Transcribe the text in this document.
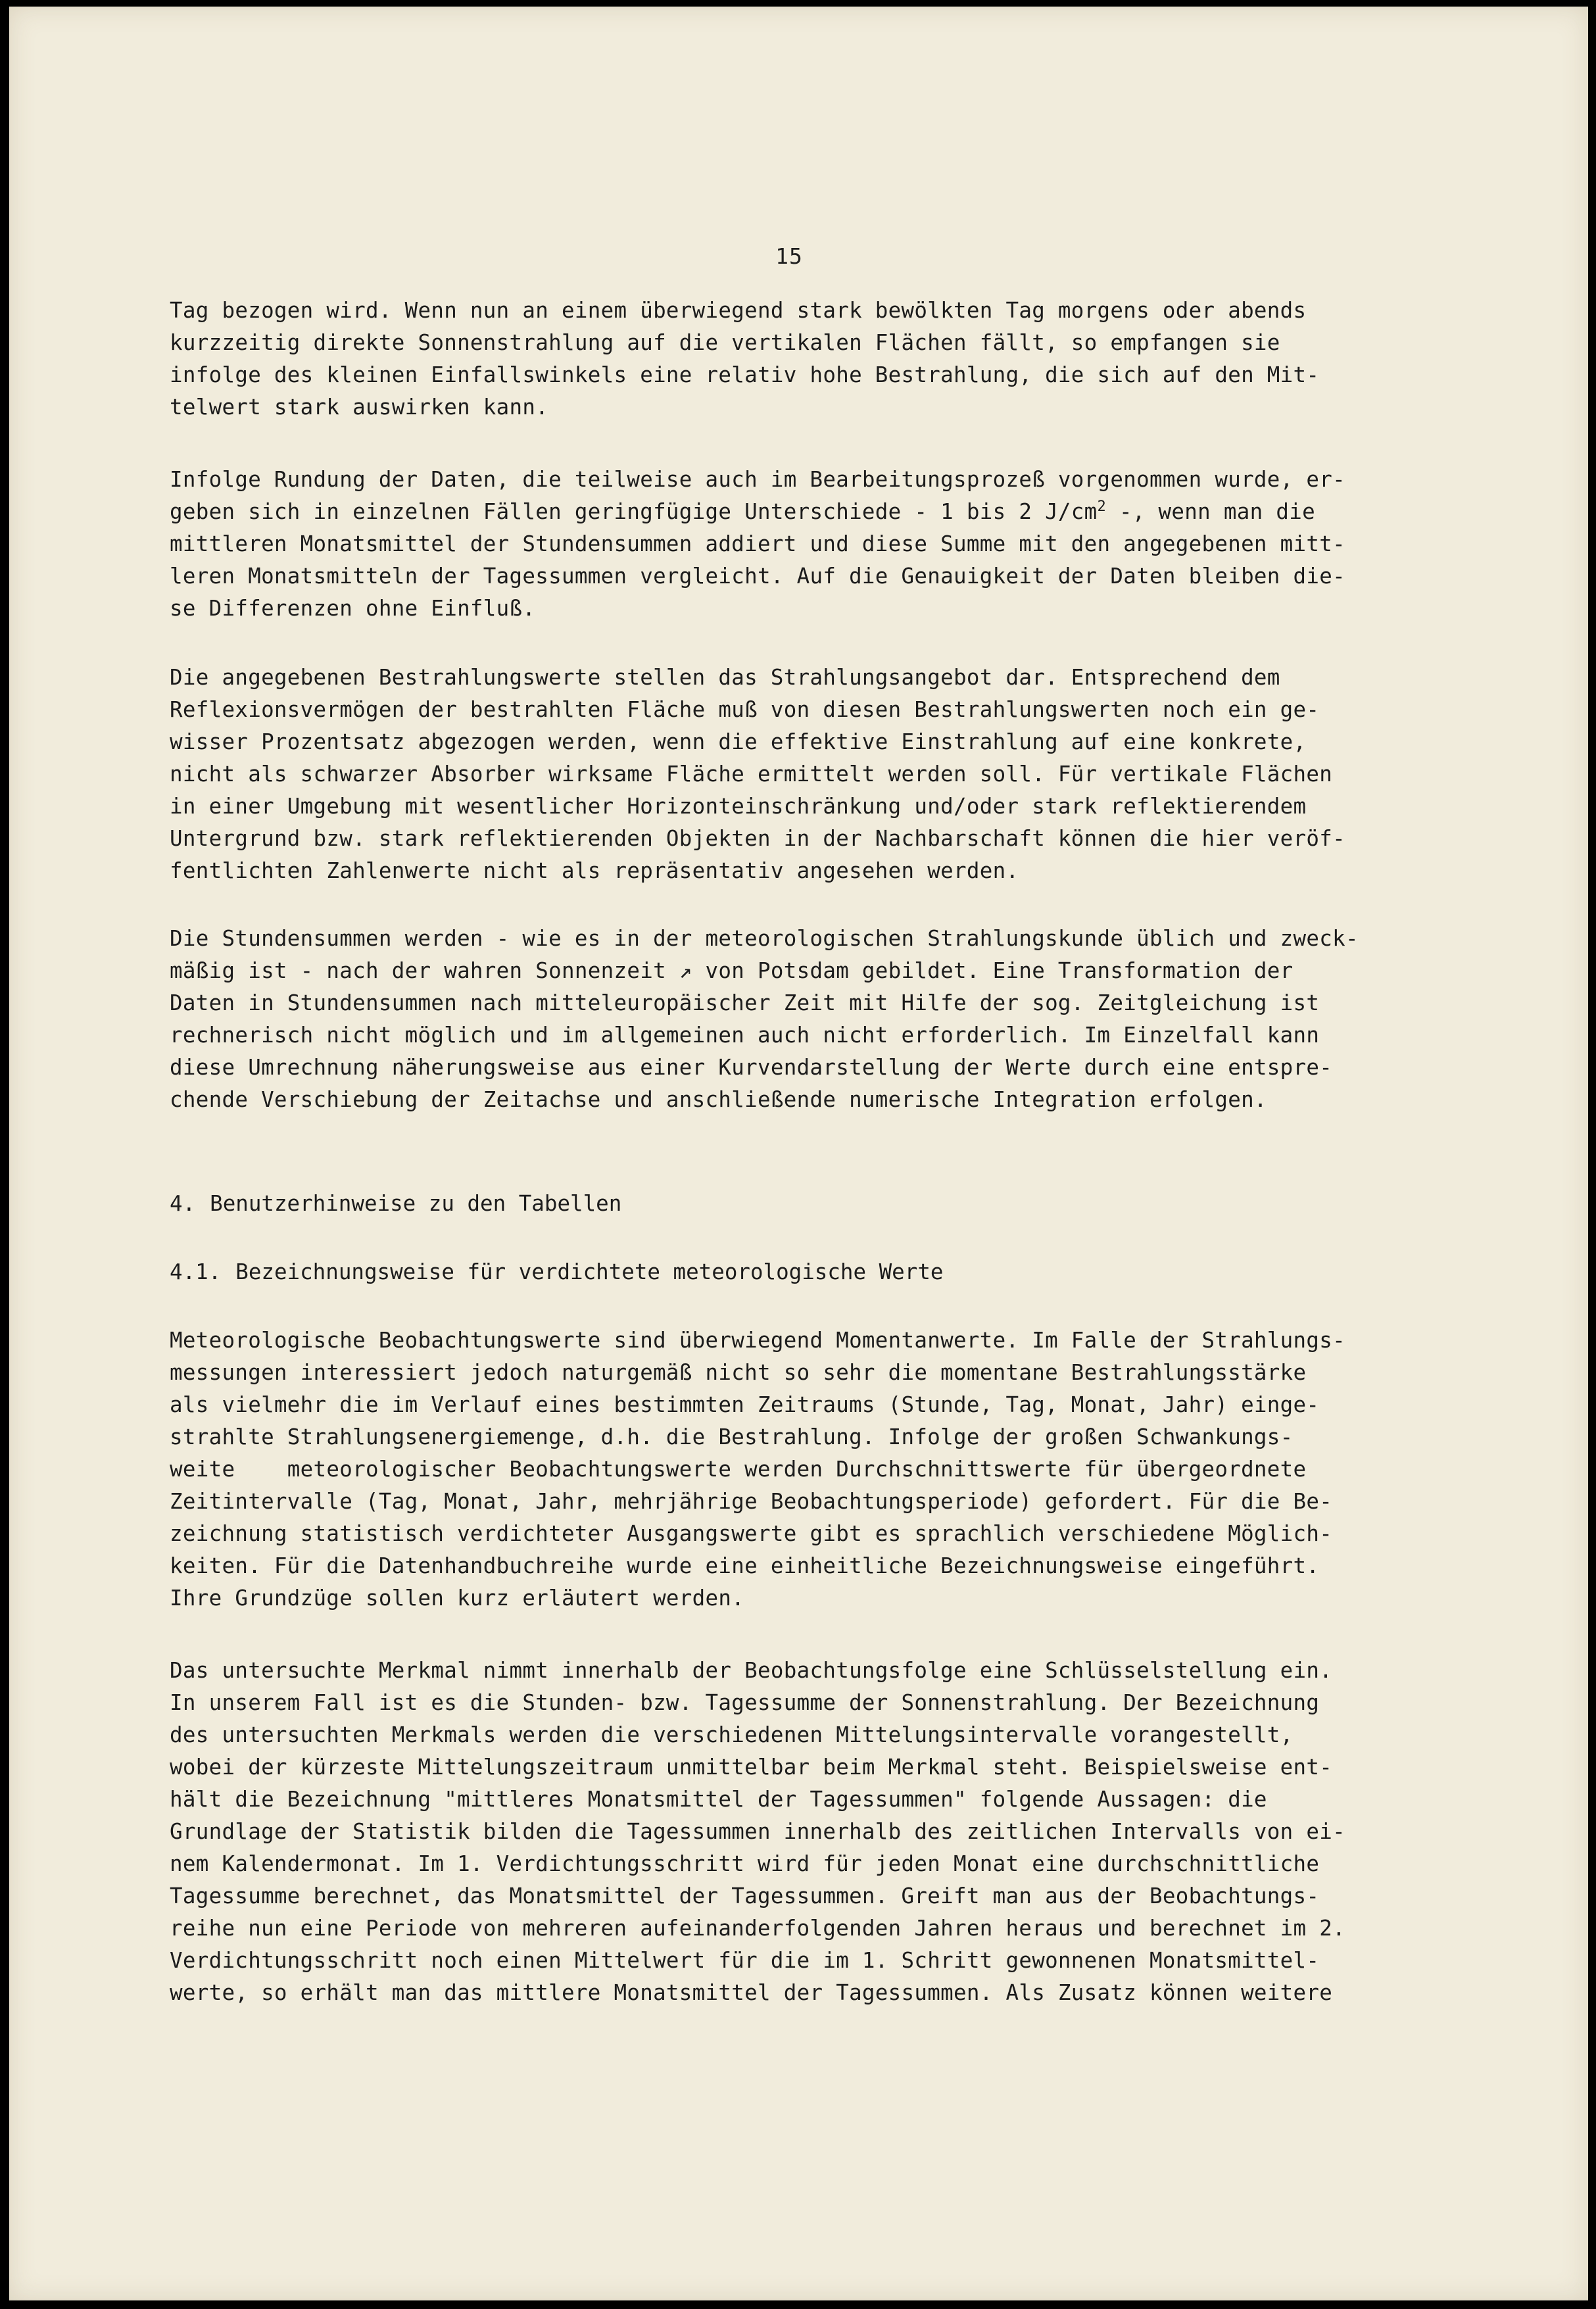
15
Tag bezogen wird. Wenn nun an einem überwiegend stark bewölkten Tag morgens oder abends
kurzzeitig direkte Sonnenstrahlung auf die vertikalen Flächen fällt, so empfangen sie
infolge des kleinen Einfallswinkels eine relativ hohe Bestrahlung, die sich auf den Mit-
telwert stark auswirken kann.
Infolge Rundung der Daten, die teilweise auch im Bearbeitungsprozeß vorgenommen wurde, er-
geben sich in einzelnen Fällen geringfügige Unterschiede - 1 bis 2 $J/cm^2$ -, wenn man die
mittleren Monatsmittel der Stundensummen addiert und diese Summe mit den angegebenen mitt-
leren Monatsmitteln der Tagessummen vergleicht. Auf die Genauigkeit der Daten bleiben die-
se Differenzen ohne Einfluß.
Die angegebenen Bestrahlungswerte stellen das Strahlungsangebot dar. Entsprechend dem
Reflexionsvermögen der bestrahlten Fläche muß von diesen Bestrahlungswerten noch ein ge-
wisser Prozentsatz abgezogen werden, wenn die effektive Einstrahlung auf eine konkrete,
nicht als schwarzer Absorber wirksame Fläche ermittelt werden soll. Für vertikale Flächen
in einer Umgebung mit wesentlicher Horizonteinschränkung und/oder stark reflektierendem
Untergrund bzw. stark reflektierenden Objekten in der Nachbarschaft können die hier veröf-
fentlichten Zahlenwerte nicht als repräsentativ angesehen werden.
Die Stundensummen werden - wie es in der meteorologischen Strahlungskunde üblich und zweck-
mäßig ist - nach der wahren Sonnenzeit ↗ von Potsdam gebildet. Eine Transformation der
Daten in Stundensummen nach mitteleuropäischer Zeit mit Hilfe der sog. Zeitgleichung ist
rechnerisch nicht möglich und im allgemeinen auch nicht erforderlich. Im Einzelfall kann
diese Umrechnung näherungsweise aus einer Kurvendarstellung der Werte durch eine entspre-
chende Verschiebung der Zeitachse und anschließende numerische Integration erfolgen.
4. Benutzerhinweise zu den Tabellen
4.1. Bezeichnungsweise für verdichtete meteorologische Werte
Meteorologische Beobachtungswerte sind überwiegend Momentanwerte. Im Falle der Strahlungs-
messungen interessiert jedoch naturgemäß nicht so sehr die momentane Bestrahlungsstärke
als vielmehr die im Verlauf eines bestimmten Zeitraums (Stunde, Tag, Monat, Jahr) einge-
strahlte Strahlungsenergiemenge, d.h. die Bestrahlung. Infolge der großen Schwankungs-
weite    meteorologischer Beobachtungswerte werden Durchschnittswerte für übergeordnete
Zeitintervalle (Tag, Monat, Jahr, mehrjährige Beobachtungsperiode) gefordert. Für die Be-
zeichnung statistisch verdichteter Ausgangswerte gibt es sprachlich verschiedene Möglich-
keiten. Für die Datenhandbuchreihe wurde eine einheitliche Bezeichnungsweise eingeführt.
Ihre Grundzüge sollen kurz erläutert werden.
Das untersuchte Merkmal nimmt innerhalb der Beobachtungsfolge eine Schlüsselstellung ein.
In unserem Fall ist es die Stunden- bzw. Tagessumme der Sonnenstrahlung. Der Bezeichnung
des untersuchten Merkmals werden die verschiedenen Mittelungsintervalle vorangestellt,
wobei der kürzeste Mittelungszeitraum unmittelbar beim Merkmal steht. Beispielsweise ent-
hält die Bezeichnung "mittleres Monatsmittel der Tagessummen" folgende Aussagen: die
Grundlage der Statistik bilden die Tagessummen innerhalb des zeitlichen Intervalls von ei-
nem Kalendermonat. Im 1. Verdichtungsschritt wird für jeden Monat eine durchschnittliche
Tagessumme berechnet, das Monatsmittel der Tagessummen. Greift man aus der Beobachtungs-
reihe nun eine Periode von mehreren aufeinanderfolgenden Jahren heraus und berechnet im 2.
Verdichtungsschritt noch einen Mittelwert für die im 1. Schritt gewonnenen Monatsmittel-
werte, so erhält man das mittlere Monatsmittel der Tagessummen. Als Zusatz können weitere
